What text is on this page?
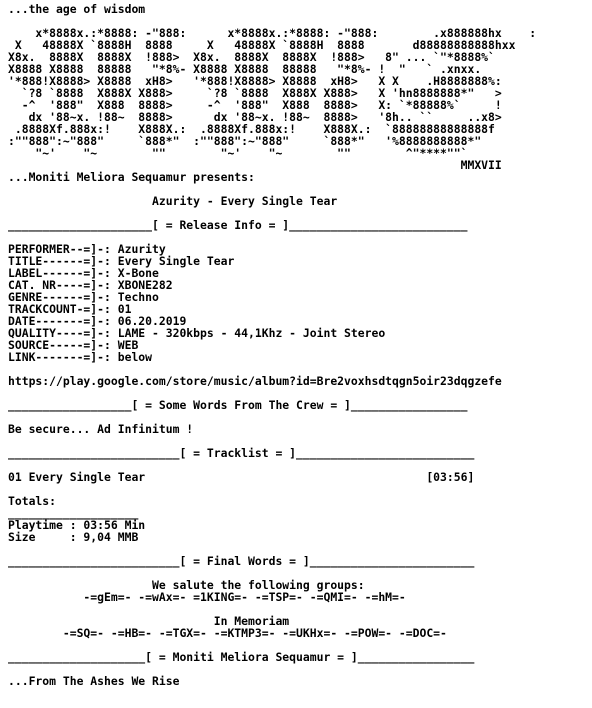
...the age of wisdom
x*8888x.:*8888: -"888:      x*8888x.:*8888: -"888:        .x888888hx    :
X   48888X `8888H  8888     X   48888X `8888H  8888       d88888888888hxx
X8x.  8888X  8888X  !888>  X8x.  8888X  8888X  !888>   8" ... `"*8888%`
X8888 X8888  88888   "*8%- X8888 X8888  88888   "*8%- !  "   ` .xnxx.
'*888!X8888> X8888  xH8>   '*888!X8888> X8888  xH8>   X X    .H8888888%:
`?8 `8888  X888X X888>     `?8 `8888  X888X X888>   X 'hn8888888*"   >
-^  '888"  X888  8888>     -^  '888"  X888  8888>   X: `*88888%`     !
dx '88~x. !88~  8888>      dx '88~x. !88~  8888>   '8h.. ``     ..x8>
.8888Xf.888x:!    X888X.:  .8888Xf.888x:!    X888X.:  `88888888888888f
:""888":~"888"     `888*"  :""888":~"888"     `888*"   '%8888888888*"
"~'    "~        ""        "~'    "~        ""        ^"****""`
MMXVII
...Moniti Meliora Sequamur presents:
Azurity - Every Single Tear
_____________________[ = Release Info = ]__________________________
PERFORMER--=]-: Azurity
TITLE------=]-: Every Single Tear
LABEL------=]-: X-Bone
CAT. NR----=]-: XBONE282
GENRE------=]-: Techno
TRACKCOUNT-=]-: 01
DATE-------=]-: 06.20.2019
QUALITY----=]-: LAME - 320kbps - 44,1Khz - Joint Stereo
SOURCE-----=]-: WEB
LINK-------=]-: below
https://play.google.com/store/music/album?id=Bre2voxhsdtqgn5oir23dqgzefe
__________________[ = Some Words From The Crew = ]_________________
Be secure... Ad Infinitum !
_________________________[ = Tracklist = ]__________________________
01 Every Single Tear                                         [03:56]
Totals:
___________________
Playtime : 03:56 Min
Size     : 9,04 MMB
_________________________[ = Final Words = ]________________________
We salute the following groups:
-=gEm=- -=wAx=- =1KING=- -=TSP=- -=QMI=- -=hM=-
In Memoriam
-=SQ=- -=HB=- -=TGX=- -=KTMP3=- -=UKHx=- -=POW=- -=DOC=-
____________________[ = Moniti Meliora Sequamur = ]_________________
...From The Ashes We Rise
